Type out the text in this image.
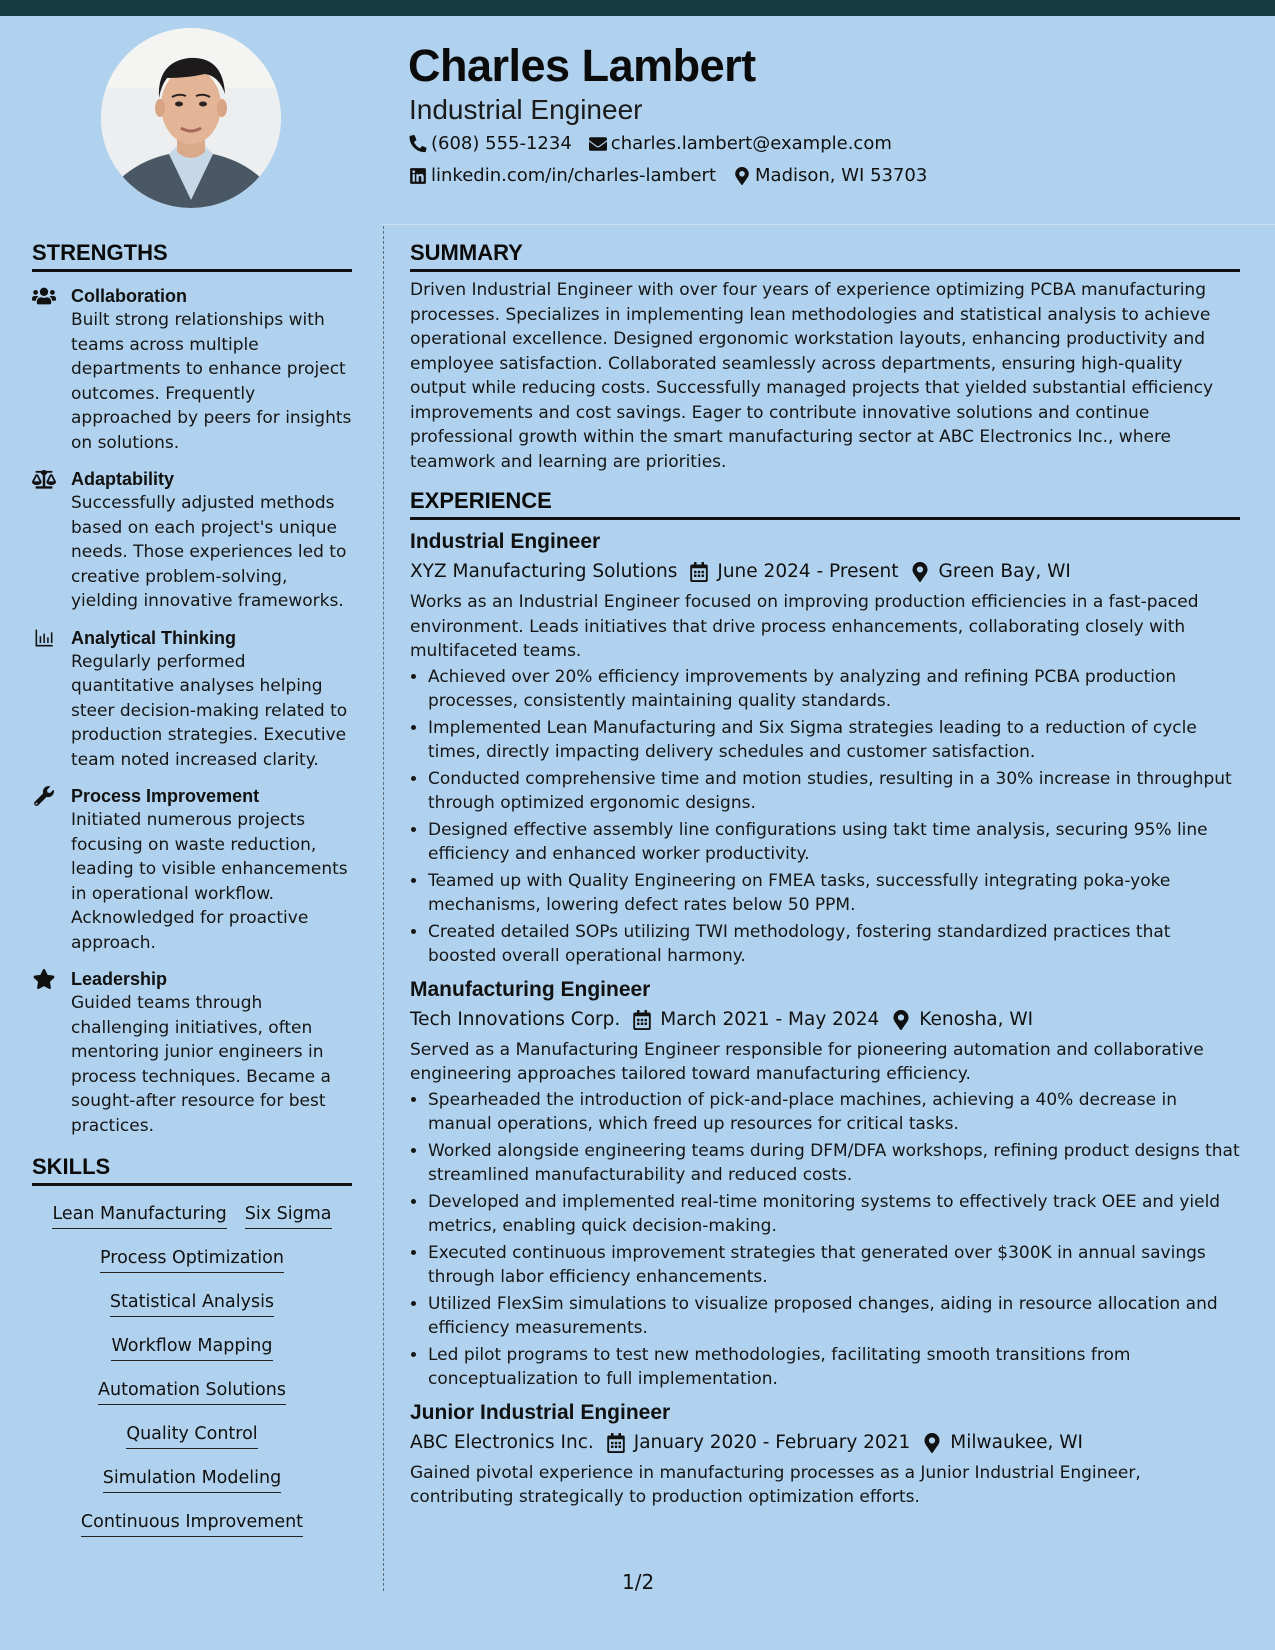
Charles Lambert
Industrial Engineer
(608) 555-1234 charles.lambert@example.com
linkedin.com/in/charles-lambert Madison, WI 53703
STRENGTHS
Collaboration
Built strong relationships with teams across multiple departments to enhance project outcomes. Frequently approached by peers for insights on solutions.
Adaptability
Successfully adjusted methods based on each project's unique needs. Those experiences led to creative problem-solving, yielding innovative frameworks.
Analytical Thinking
Regularly performed quantitative analyses helping steer decision-making related to production strategies. Executive team noted increased clarity.
Process Improvement
Initiated numerous projects focusing on waste reduction, leading to visible enhancements in operational workflow. Acknowledged for proactive approach.
Leadership
Guided teams through challenging initiatives, often mentoring junior engineers in process techniques. Became a sought-after resource for best practices.
SKILLS
Lean Manufacturing Six Sigma
Process Optimization
Statistical Analysis
Workflow Mapping
Automation Solutions
Quality Control
Simulation Modeling
Continuous Improvement
SUMMARY
Driven Industrial Engineer with over four years of experience optimizing PCBA manufacturing processes. Specializes in implementing lean methodologies and statistical analysis to achieve operational excellence. Designed ergonomic workstation layouts, enhancing productivity and employee satisfaction. Collaborated seamlessly across departments, ensuring high-quality output while reducing costs. Successfully managed projects that yielded substantial efficiency improvements and cost savings. Eager to contribute innovative solutions and continue professional growth within the smart manufacturing sector at ABC Electronics Inc., where teamwork and learning are priorities.
EXPERIENCE
Industrial Engineer
XYZ Manufacturing Solutions June 2024 - Present Green Bay, WI
Works as an Industrial Engineer focused on improving production efficiencies in a fast-paced environment. Leads initiatives that drive process enhancements, collaborating closely with multifaceted teams.
• Achieved over 20% efficiency improvements by analyzing and refining PCBA production processes, consistently maintaining quality standards.
• Implemented Lean Manufacturing and Six Sigma strategies leading to a reduction of cycle times, directly impacting delivery schedules and customer satisfaction.
• Conducted comprehensive time and motion studies, resulting in a 30% increase in throughput through optimized ergonomic designs.
• Designed effective assembly line configurations using takt time analysis, securing 95% line efficiency and enhanced worker productivity.
• Teamed up with Quality Engineering on FMEA tasks, successfully integrating poka-yoke mechanisms, lowering defect rates below 50 PPM.
• Created detailed SOPs utilizing TWI methodology, fostering standardized practices that boosted overall operational harmony.
Manufacturing Engineer
Tech Innovations Corp. March 2021 - May 2024 Kenosha, WI
Served as a Manufacturing Engineer responsible for pioneering automation and collaborative engineering approaches tailored toward manufacturing efficiency.
• Spearheaded the introduction of pick-and-place machines, achieving a 40% decrease in manual operations, which freed up resources for critical tasks.
• Worked alongside engineering teams during DFM/DFA workshops, refining product designs that streamlined manufacturability and reduced costs.
• Developed and implemented real-time monitoring systems to effectively track OEE and yield metrics, enabling quick decision-making.
• Executed continuous improvement strategies that generated over $300K in annual savings through labor efficiency enhancements.
• Utilized FlexSim simulations to visualize proposed changes, aiding in resource allocation and efficiency measurements.
• Led pilot programs to test new methodologies, facilitating smooth transitions from conceptualization to full implementation.
Junior Industrial Engineer
ABC Electronics Inc. January 2020 - February 2021 Milwaukee, WI
Gained pivotal experience in manufacturing processes as a Junior Industrial Engineer, contributing strategically to production optimization efforts.
1/2
